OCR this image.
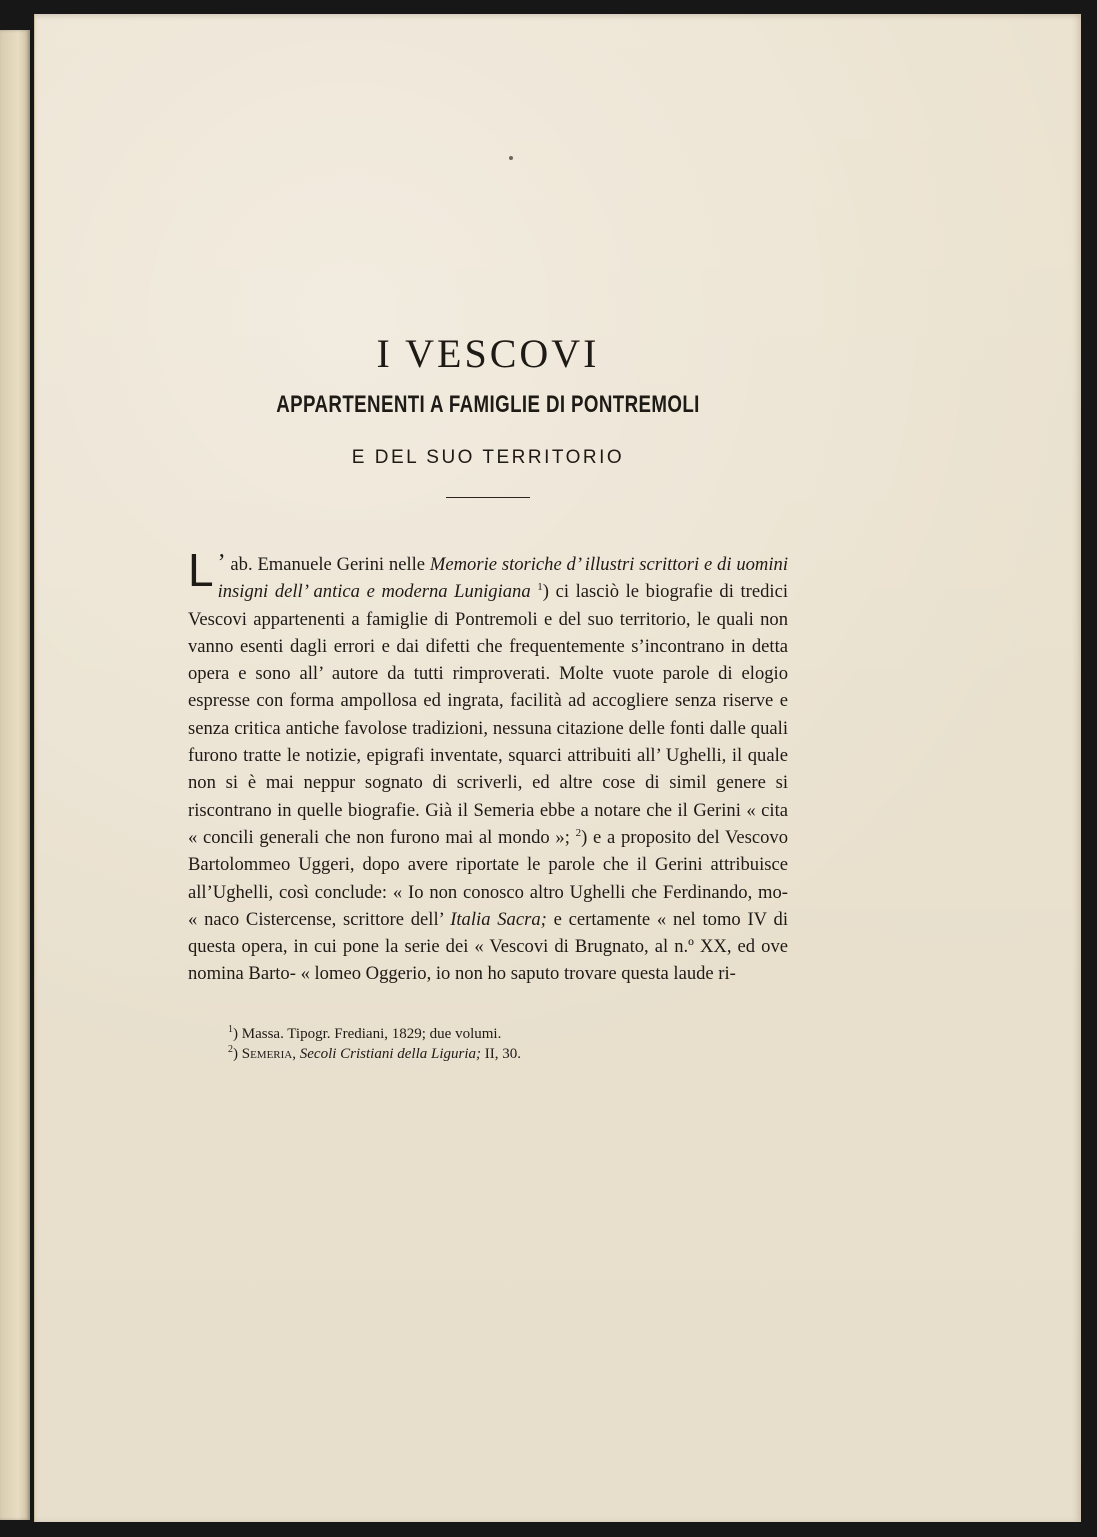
I VESCOVI
APPARTENENTI A FAMIGLIE DI PONTREMOLI
E DEL SUO TERRITORIO

L ’ ab. Emanuele Gerini nelle Memorie storiche d’ illustri scrittori e di uomini insigni dell’ antica e moderna Lunigiana $^1$) ci lasciò le biografie di tredici Vescovi appartenenti a famiglie di Pontremoli e del suo territorio, le quali non vanno esenti dagli errori e dai difetti che frequentemente s’incontrano in detta opera e sono all’ autore da tutti rimproverati. Molte vuote parole di elogio espresse con forma ampollosa ed ingrata, facilità ad accogliere senza riserve e senza critica antiche favolose tradizioni, nessuna citazione delle fonti dalle quali furono tratte le notizie, epigrafi inventate, squarci attribuiti all’ Ughelli, il quale non si è mai neppur sognato di scriverli, ed altre cose di simil genere si riscontrano in quelle biografie. Già il Semeria ebbe a notare che il Gerini « cita « concili generali che non furono mai al mondo »; $^2$) e a proposito del Vescovo Bartolommeo Uggeri, dopo avere riportate le parole che il Gerini attribuisce all’Ughelli, così conclude: « Io non conosco altro Ughelli che Ferdinando, mo- « naco Cistercense, scrittore dell’ Italia Sacra; e certamente « nel tomo IV di questa opera, in cui pone la serie dei « Vescovi di Brugnato, al n.º XX, ed ove nomina Barto- « lomeo Oggerio, io non ho saputo trovare questa laude ri-

$^1$) Massa. Tipogr. Frediani, 1829; due volumi.
$^2$) Semeria, Secoli Cristiani della Liguria; II, 30.
